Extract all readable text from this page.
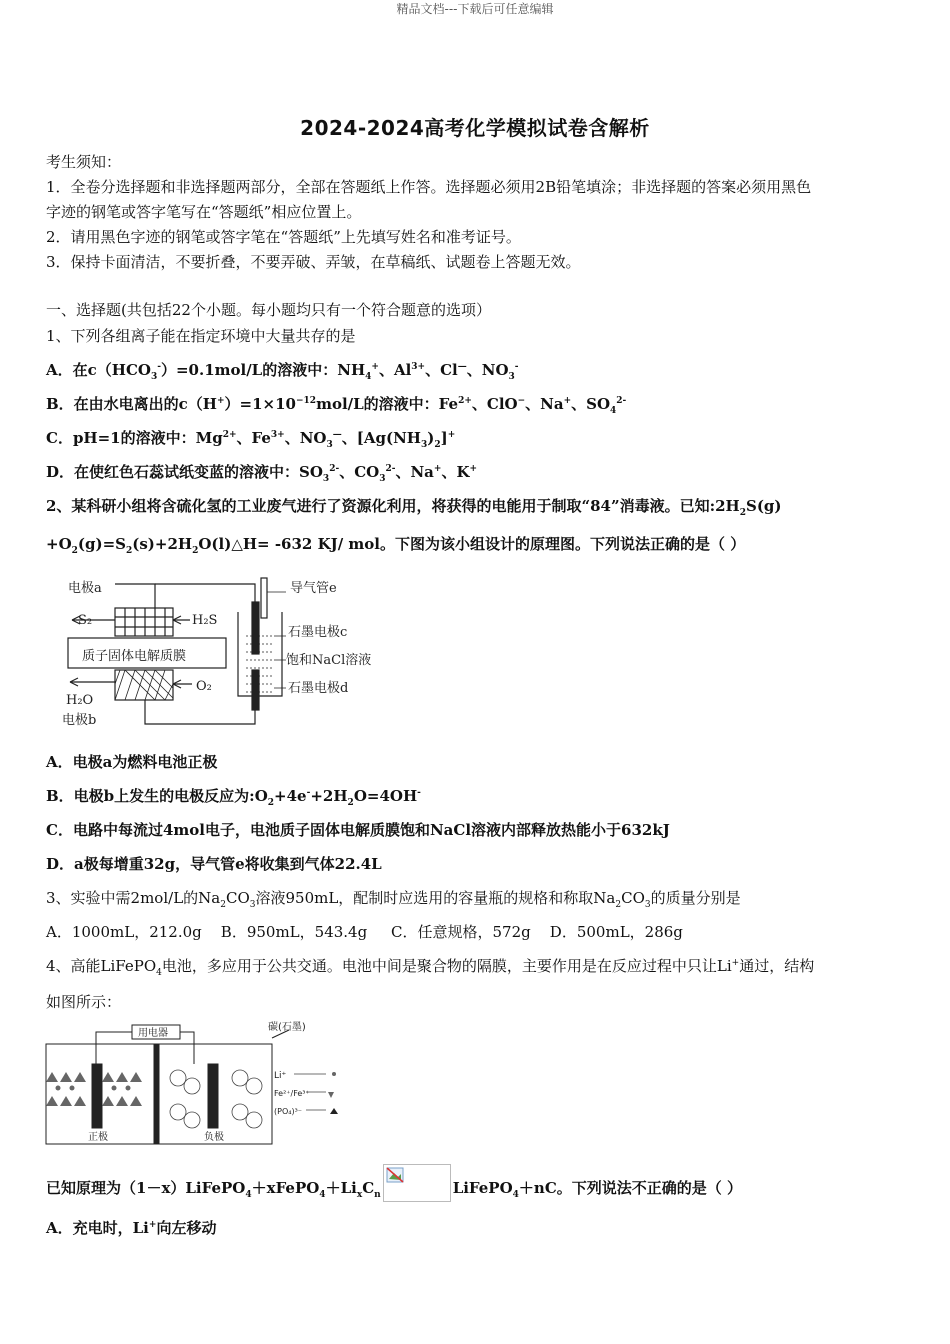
精品文档---下载后可任意编辑
2024-2024高考化学模拟试卷含解析
考生须知：
1．全卷分选择题和非选择题两部分，全部在答题纸上作答。选择题必须用2B铅笔填涂；非选择题的答案必须用黑色
字迹的钢笔或答字笔写在“答题纸”相应位置上。
2．请用黑色字迹的钢笔或答字笔在“答题纸”上先填写姓名和准考证号。
3．保持卡面清洁，不要折叠，不要弄破、弄皱，在草稿纸、试题卷上答题无效。
一、选择题(共包括22个小题。每小题均只有一个符合题意的选项）
1、下列各组离子能在指定环境中大量共存的是
A．在$c(HCO_3^-)=0.1mol/L$的溶液中：$NH_4^+$、$Al^{3+}$、Cl—、$NO_3^-$
B．在由水电离出的$c(H^+)=1\times 10^{-12}mol/L$的溶液中：$Fe^{2+}$、ClO−、Na+、$SO_4^{2-}$
C．pH=1的溶液中：$Mg^{2+}$、$Fe^{3+}$、$NO_3^—$、$[Ag(NH_3)_2]^+$
D．在使红色石蕊试纸变蓝的溶液中：$SO_3^{2-}$、$CO_3^{2-}$、Na+、K+
2、某科研小组将含硫化氢的工业废气进行了资源化利用，将获得的电能用于制取“84”消毒液。已知$:2H_2S(g)$
$+O_2(g)=S_2(s)+2H_2O(l)\triangle H= -632$ KJ/ mol。下图为该小组设计的原理图。下列说法正确的是（ ）
电极a
S₂	H₂S
质子固体电解质膜
H₂O
O₂
电极b
导气管e
石墨电极c
饱和NaCl溶液
石墨电极d
A．电极a为燃料电池正极
B．电极b上发生的电极反应为$:O_2+4e^-+2H_2O=4OH^-$
C．电路中每流过4mol电子，电池质子固体电解质膜饱和NaCl溶液内部释放热能小于632kJ
D．a极每增重32g，导气管e将收集到气体22.4L
3、实验中需2mol/L的$Na_2CO_3$溶液950mL，配制时应选用的容量瓶的规格和称取$Na_2CO_3$的质量分别是
A．1000mL，212.0g    B．950mL，543.4g     C．任意规格，572g    D．500mL，286g
4、高能LiFePO$_4$电池，多应用于公共交通。电池中间是聚合物的隔膜，主要作用是在反应过程中只让Li+通过，结构
如图所示：
用电器
碳(石墨)
正极	负极
Li⁺
Fe²⁺/Fe³⁺
(PO₄)³⁻
已知原理为$(1-x)LiFePO_4+xFePO_4+Li_xC_n$	LiFePO$_4$＋nC。下列说法不正确的是（ ）
A．充电时，Li+向左移动
